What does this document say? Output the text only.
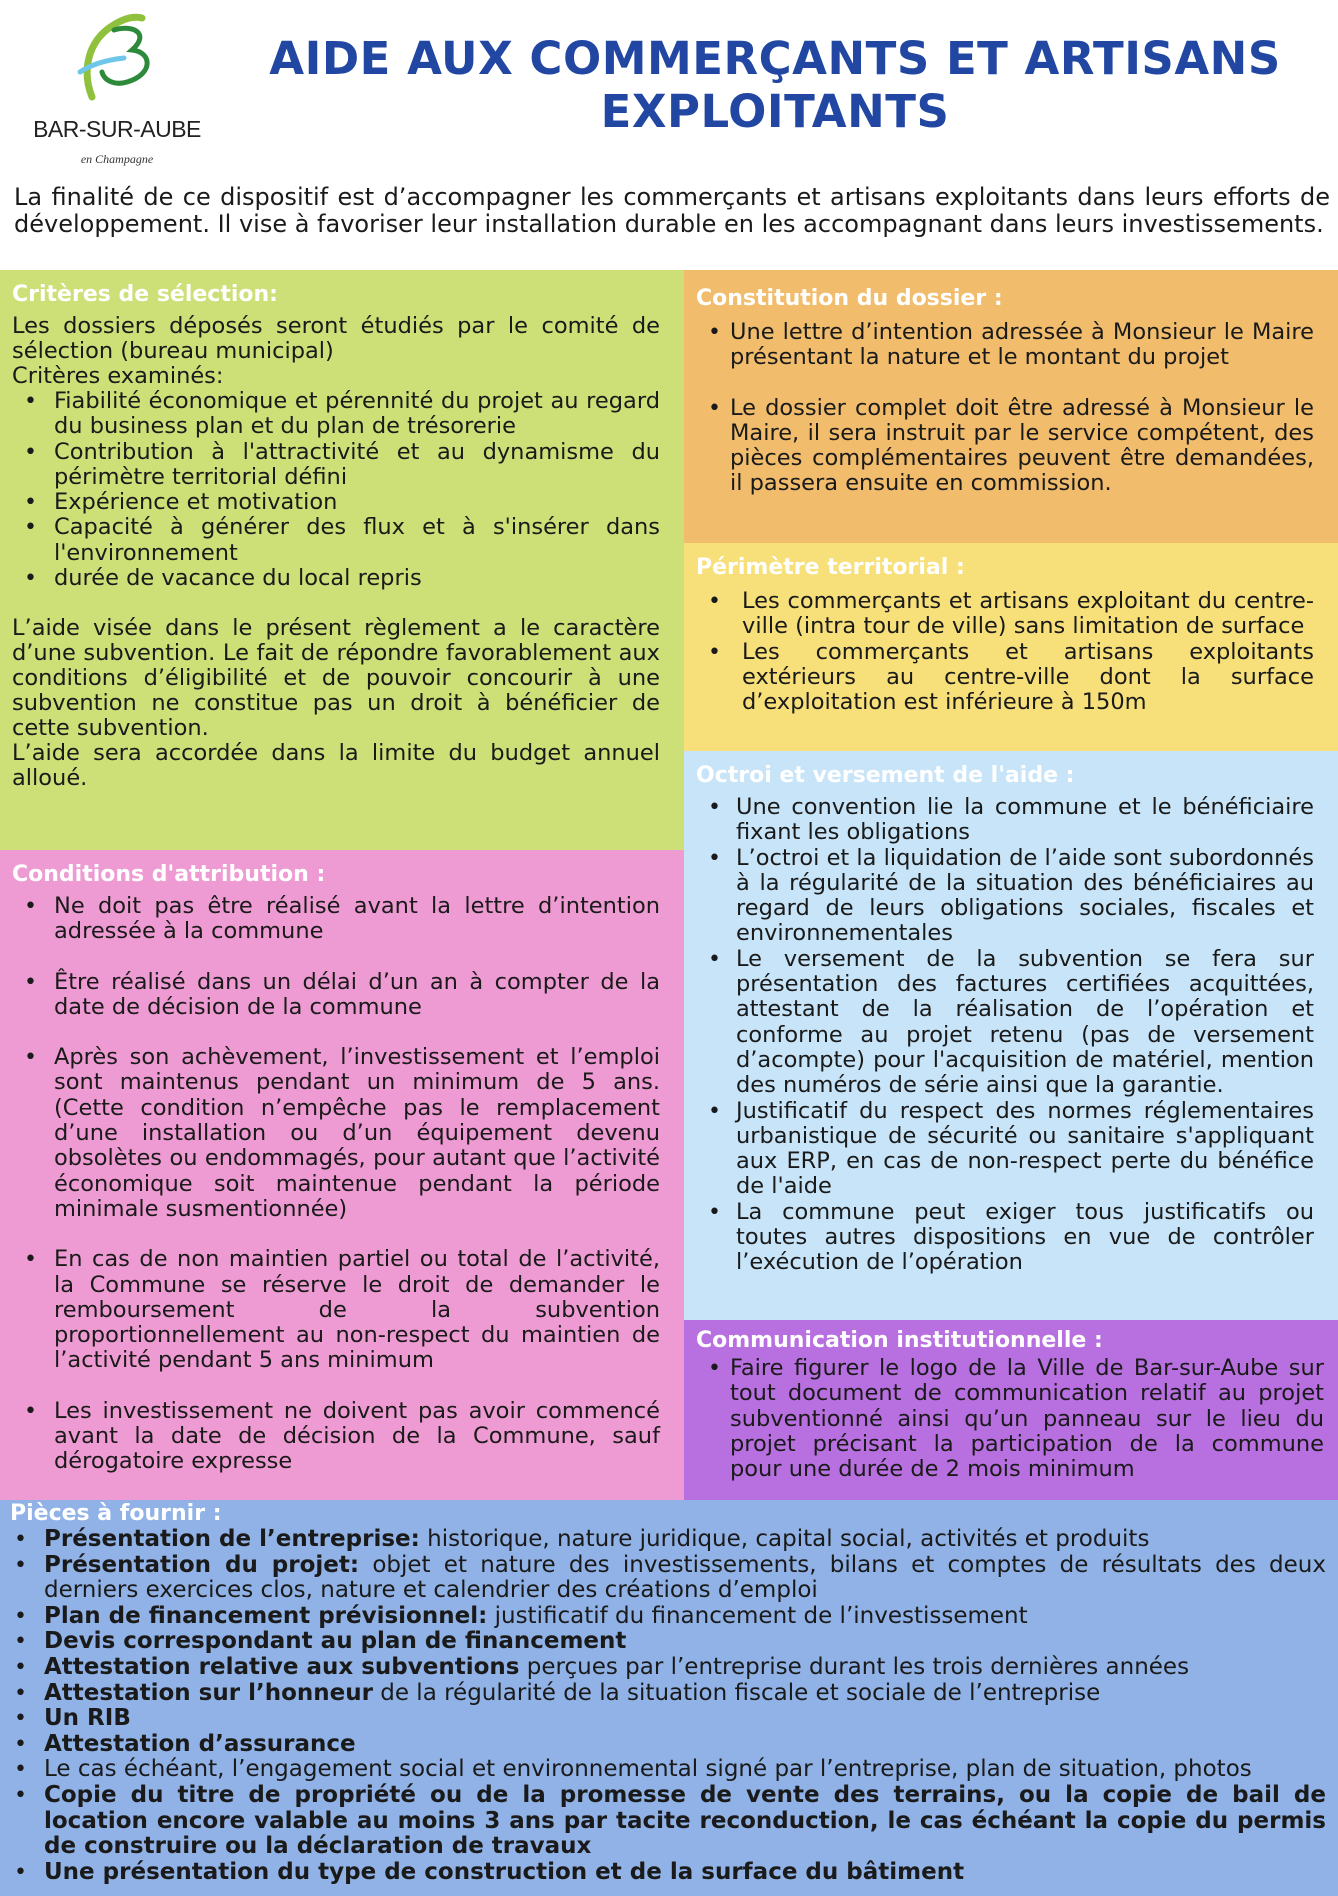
BAR-SUR-AUBE
en Champagne
AIDE AUX COMMERÇANTS ET ARTISANS
EXPLOITANTS

La finalité de ce dispositif est d’accompagner les commerçants et artisans exploitants dans leurs efforts de développement. Il vise à favoriser leur installation durable en les accompagnant dans leurs investissements.

Critères de sélection:

Les dossiers déposés seront étudiés par le comité de sélection (bureau municipal)

Critères examinés:

• Fiabilité économique et pérennité du projet au regard du business plan et du plan de trésorerie
• Contribution à l'attractivité et au dynamisme du périmètre territorial défini
• Expérience et motivation
• Capacité à générer des flux et à s'insérer dans l'environnement
• durée de vacance du local repris

L’aide visée dans le présent règlement a le caractère d’une subvention. Le fait de répondre favorablement aux conditions d’éligibilité et de pouvoir concourir à une subvention ne constitue pas un droit à bénéficier de cette subvention.

L’aide sera accordée dans la limite du budget annuel alloué.

Conditions d'attribution :
• Ne doit pas être réalisé avant la lettre d’intention adressée à la commune
• Être réalisé dans un délai d’un an à compter de la date de décision de la commune
• Après son achèvement, l’investissement et l’emploi sont maintenus pendant un minimum de 5 ans. (Cette condition n’empêche pas le remplacement d’une installation ou d’un équipement devenu obsolètes ou endommagés, pour autant que l’activité économique soit maintenue pendant la période minimale susmentionnée)
• En cas de non maintien partiel ou total de l’activité, la Commune se réserve le droit de demander le remboursement de la subvention proportionnellement au non-respect du maintien de l’activité pendant 5 ans minimum
• Les investissement ne doivent pas avoir commencé avant la date de décision de la Commune, sauf dérogatoire expresse
Constitution du dossier :
• Une lettre d’intention adressée à Monsieur le Maire présentant la nature et le montant du projet
• Le dossier complet doit être adressé à Monsieur le Maire, il sera instruit par le service compétent, des pièces complémentaires peuvent être demandées, il passera ensuite en commission.
Périmètre territorial :
• Les commerçants et artisans exploitant du centre-ville (intra tour de ville) sans limitation de surface
• Les commerçants et artisans exploitants extérieurs au centre-ville dont la surface d’exploitation est inférieure à 150m
Octroi et versement de l'aide :
• Une convention lie la commune et le bénéficiaire fixant les obligations
• L’octroi et la liquidation de l’aide sont subordonnés à la régularité de la situation des bénéficiaires au regard de leurs obligations sociales, fiscales et environnementales
• Le versement de la subvention se fera sur présentation des factures certifiées acquittées, attestant de la réalisation de l’opération et conforme au projet retenu (pas de versement d’acompte) pour l'acquisition de matériel, mention des numéros de série ainsi que la garantie.
• Justificatif du respect des normes réglementaires urbanistique de sécurité ou sanitaire s'appliquant aux ERP, en cas de non-respect perte du bénéfice de l'aide
• La commune peut exiger tous justificatifs ou toutes autres dispositions en vue de contrôler l’exécution de l’opération
Communication institutionnelle :
• Faire figurer le logo de la Ville de Bar-sur-Aube sur tout document de communication relatif au projet subventionné ainsi qu’un panneau sur le lieu du projet précisant la participation de la commune pour une durée de 2 mois minimum
Pièces à fournir :
• Présentation de l’entreprise: historique, nature juridique, capital social, activités et produits
• Présentation du projet: objet et nature des investissements, bilans et comptes de résultats des deux derniers exercices clos, nature et calendrier des créations d’emploi
• Plan de financement prévisionnel: justificatif du financement de l’investissement
• Devis correspondant au plan de financement
• Attestation relative aux subventions perçues par l’entreprise durant les trois dernières années
• Attestation sur l’honneur de la régularité de la situation fiscale et sociale de l’entreprise
• Un RIB
• Attestation d’assurance
• Le cas échéant, l’engagement social et environnemental signé par l’entreprise, plan de situation, photos
• Copie du titre de propriété ou de la promesse de vente des terrains, ou la copie de bail de location encore valable au moins 3 ans par tacite reconduction, le cas échéant la copie du permis de construire ou la déclaration de travaux
• Une présentation du type de construction et de la surface du bâtiment
